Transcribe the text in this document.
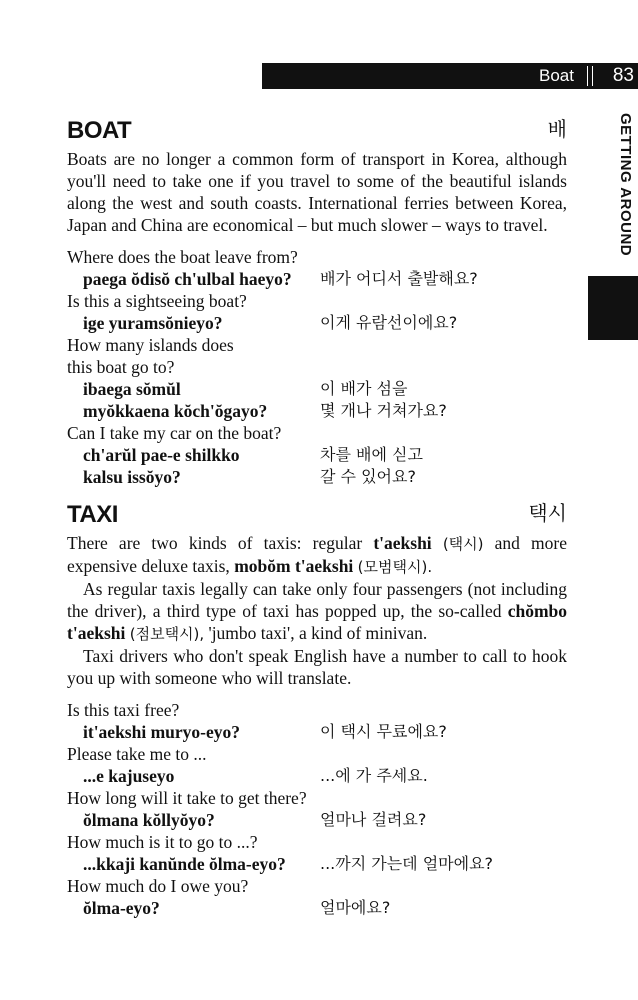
Boat 83
GETTING AROUND
BOAT	배

Boats are no longer a common form of transport in Korea, although you'll need to take one if you travel to some of the beautiful islands along the west and south coasts. International ferries between Korea, Japan and China are economical – but much slower – ways to travel.

Where does the boat leave from?
paega ŏdisŏ ch'ulbal haeyo? 배가 어디서 출발해요?
Is this a sightseeing boat?
ige yuramsŏnieyo?	이게 유람선이에요?
How many islands does
this boat go to?
ibaega sŏmŭl	이 배가 섬을
myŏkkaena kŏch'ŏgayo?	몇 개나 거쳐가요?
Can I take my car on the boat?
ch'arŭl pae-e shilkko	차를 배에 싣고
kalsu issŏyo?	갈 수 있어요?
TAXI	택시

There are two kinds of taxis: regular t'aekshi (택시) and more expensive deluxe taxis, mobŏm t'aekshi (모범택시).

As regular taxis legally can take only four passengers (not including the driver), a third type of taxi has popped up, the so-called chŏmbo t'aekshi (점보택시), 'jumbo taxi', a kind of minivan.

Taxi drivers who don't speak English have a number to call to hook you up with someone who will translate.

Is this taxi free?
it'aekshi muryo-eyo?	이 택시 무료에요?
Please take me to ...
...e kajuseyo	...에 가 주세요.
How long will it take to get there?
ŏlmana kŏllyŏyo?	얼마나 걸려요?
How much is it to go to ...?
...kkaji kanŭnde ŏlma-eyo? ...까지 가는데 얼마에요?
How much do I owe you?
ŏlma-eyo?	얼마에요?
